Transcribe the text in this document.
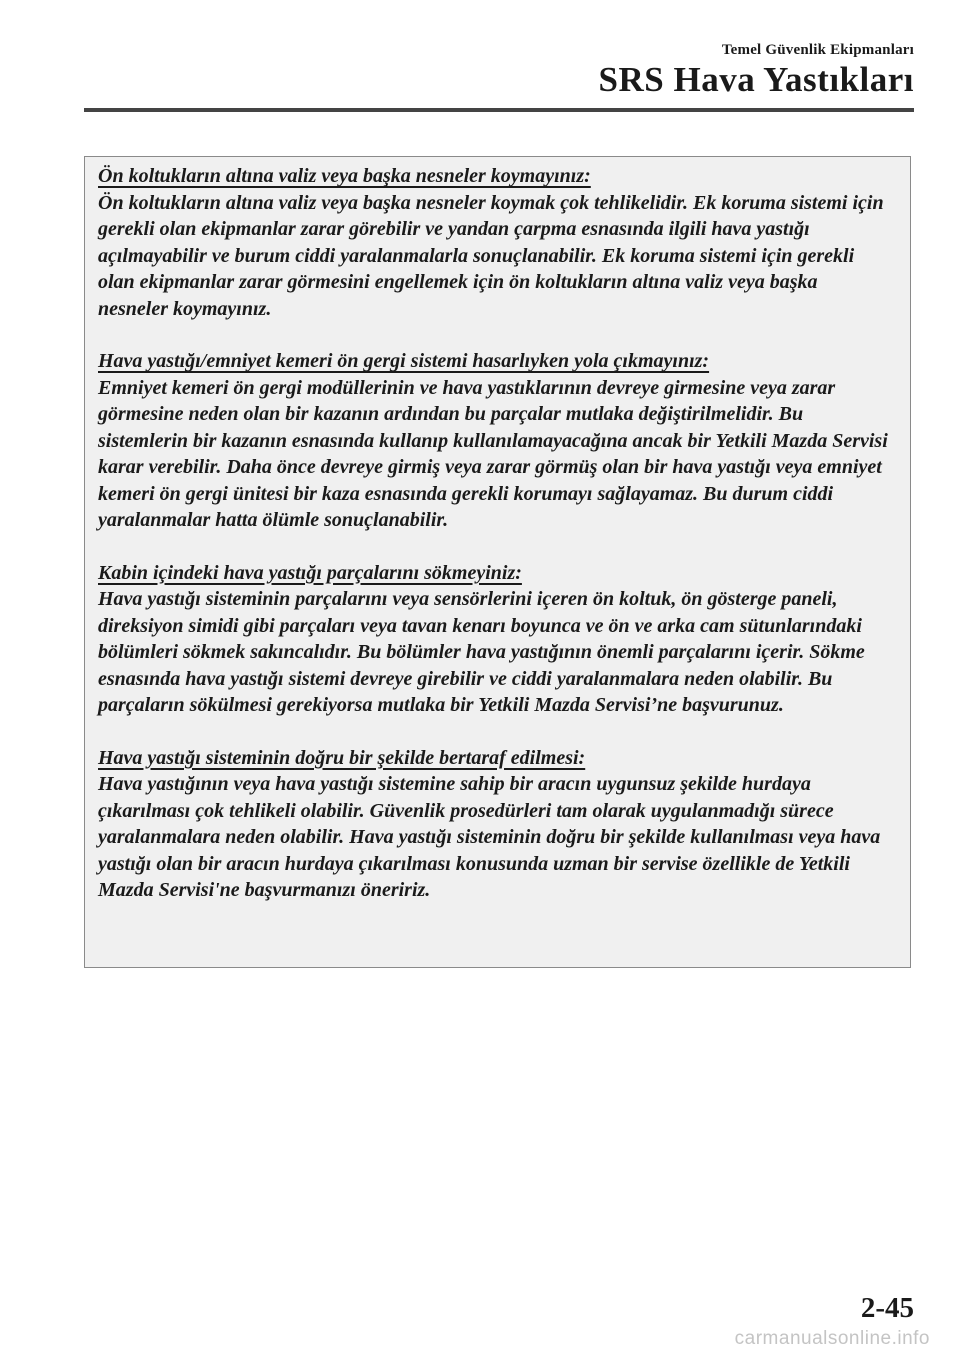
Temel Güvenlik Ekipmanları
SRS Hava Yastıkları
Ön koltukların altına valiz veya başka nesneler koymayınız:
Ön koltukların altına valiz veya başka nesneler koymak çok tehlikelidir. Ek koruma sistemi için gerekli olan ekipmanlar zarar görebilir ve yandan çarpma esnasında ilgili hava yastığı açılmayabilir ve burum ciddi yaralanmalarla sonuçlanabilir. Ek koruma sistemi için gerekli olan ekipmanlar zarar görmesini engellemek için ön koltukların altına valiz veya başka nesneler koymayınız.
Hava yastığı/emniyet kemeri ön gergi sistemi hasarlıyken yola çıkmayınız:
Emniyet kemeri ön gergi modüllerinin ve hava yastıklarının devreye girmesine veya zarar görmesine neden olan bir kazanın ardından bu parçalar mutlaka değiştirilmelidir. Bu sistemlerin bir kazanın esnasında kullanıp kullanılamayacağına ancak bir Yetkili Mazda Servisi karar verebilir. Daha önce devreye girmiş veya zarar görmüş olan bir hava yastığı veya emniyet kemeri ön gergi ünitesi bir kaza esnasında gerekli korumayı sağlayamaz. Bu durum ciddi yaralanmalar hatta ölümle sonuçlanabilir.
Kabin içindeki hava yastığı parçalarını sökmeyiniz:
Hava yastığı sisteminin parçalarını veya sensörlerini içeren ön koltuk, ön gösterge paneli, direksiyon simidi gibi parçaları veya tavan kenarı boyunca ve ön ve arka cam sütunlarındaki bölümleri sökmek sakıncalıdır. Bu bölümler hava yastığının önemli parçalarını içerir. Sökme esnasında hava yastığı sistemi devreye girebilir ve ciddi yaralanmalara neden olabilir. Bu parçaların sökülmesi gerekiyorsa mutlaka bir Yetkili Mazda Servisi’ne başvurunuz.
Hava yastığı sisteminin doğru bir şekilde bertaraf edilmesi:
Hava yastığının veya hava yastığı sistemine sahip bir aracın uygunsuz şekilde hurdaya çıkarılması çok tehlikeli olabilir. Güvenlik prosedürleri tam olarak uygulanmadığı sürece yaralanmalara neden olabilir. Hava yastığı sisteminin doğru bir şekilde kullanılması veya hava yastığı olan bir aracın hurdaya çıkarılması konusunda uzman bir servise özellikle de Yetkili Mazda Servisi'ne başvurmanızı öneririz.
2-45
carmanualsonline.info
